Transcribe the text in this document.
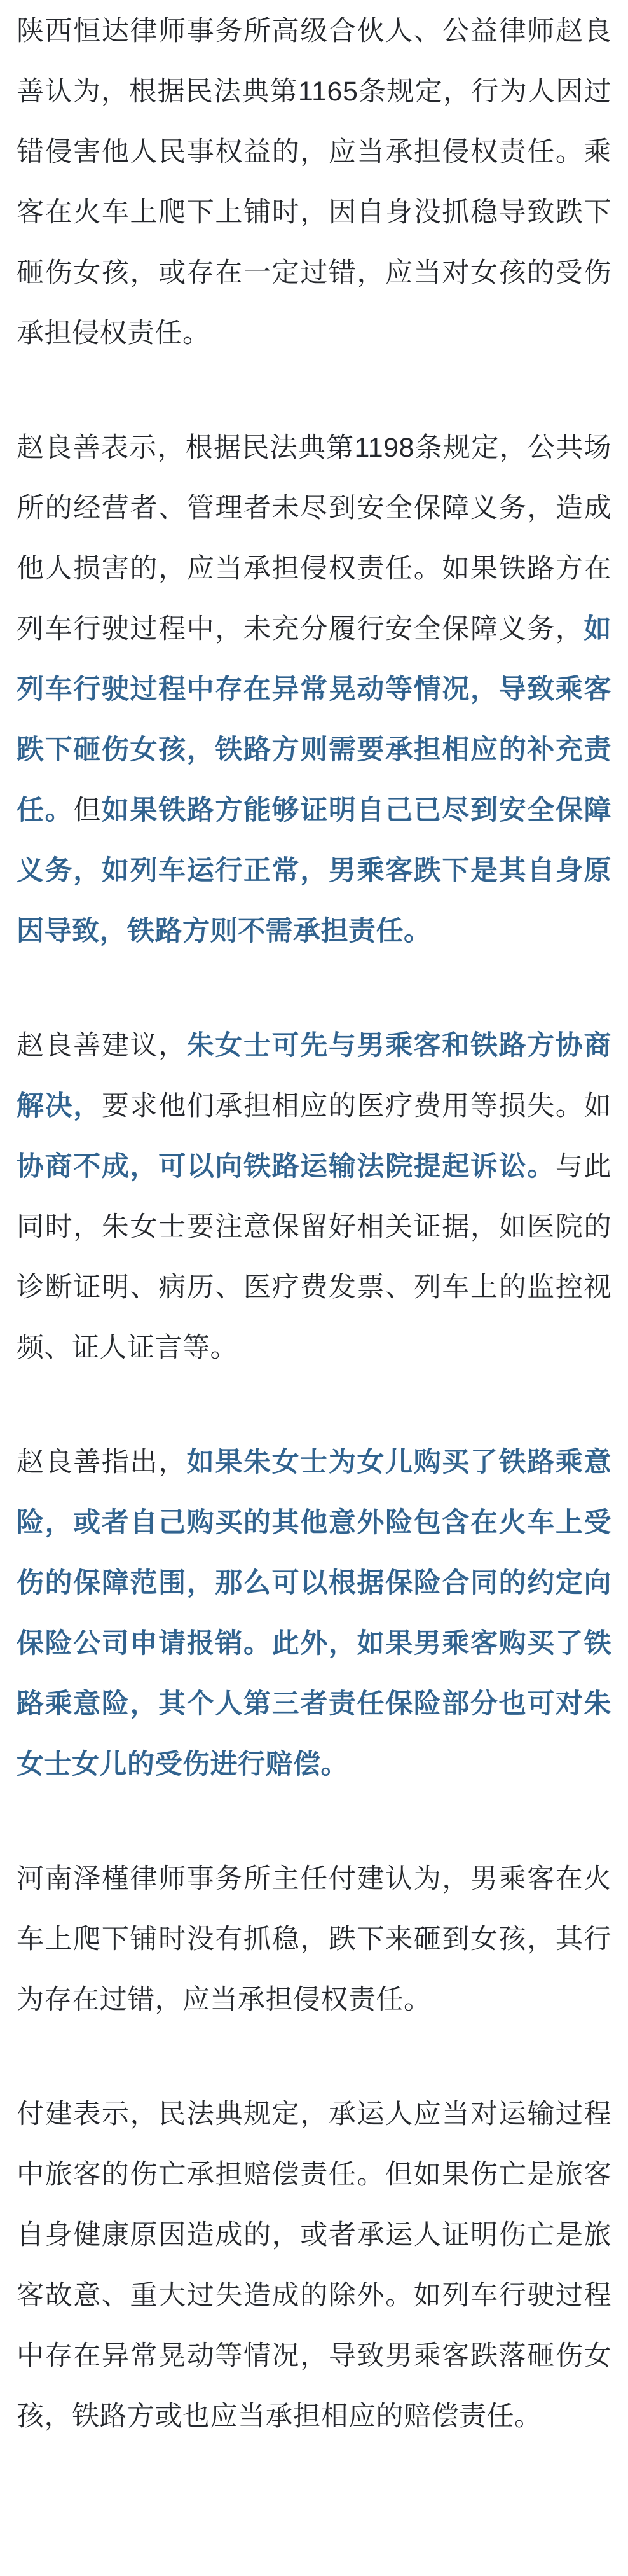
陕西恒达律师事务所高级合伙人、公益律师赵良善认为，根据民法典第1165条规定，行为人因过错侵害他人民事权益的，应当承担侵权责任。乘客在火车上爬下上铺时，因自身没抓稳导致跌下砸伤女孩，或存在一定过错，应当对女孩的受伤承担侵权责任。

赵良善表示，根据民法典第1198条规定，公共场所的经营者、管理者未尽到安全保障义务，造成他人损害的，应当承担侵权责任。如果铁路方在列车行驶过程中，未充分履行安全保障义务，如列车行驶过程中存在异常晃动等情况，导致乘客跌下砸伤女孩，铁路方则需要承担相应的补充责任。但如果铁路方能够证明自己已尽到安全保障义务，如列车运行正常，男乘客跌下是其自身原因导致，铁路方则不需承担责任。

赵良善建议，朱女士可先与男乘客和铁路方协商解决，要求他们承担相应的医疗费用等损失。如协商不成，可以向铁路运输法院提起诉讼。与此同时，朱女士要注意保留好相关证据，如医院的诊断证明、病历、医疗费发票、列车上的监控视频、证人证言等。

赵良善指出，如果朱女士为女儿购买了铁路乘意险，或者自己购买的其他意外险包含在火车上受伤的保障范围，那么可以根据保险合同的约定向保险公司申请报销。此外，如果男乘客购买了铁路乘意险，其个人第三者责任保险部分也可对朱女士女儿的受伤进行赔偿。

河南泽槿律师事务所主任付建认为，男乘客在火车上爬下铺时没有抓稳，跌下来砸到女孩，其行为存在过错，应当承担侵权责任。

付建表示，民法典规定，承运人应当对运输过程中旅客的伤亡承担赔偿责任。但如果伤亡是旅客自身健康原因造成的，或者承运人证明伤亡是旅客故意、重大过失造成的除外。如列车行驶过程中存在异常晃动等情况，导致男乘客跌落砸伤女孩，铁路方或也应当承担相应的赔偿责任。
